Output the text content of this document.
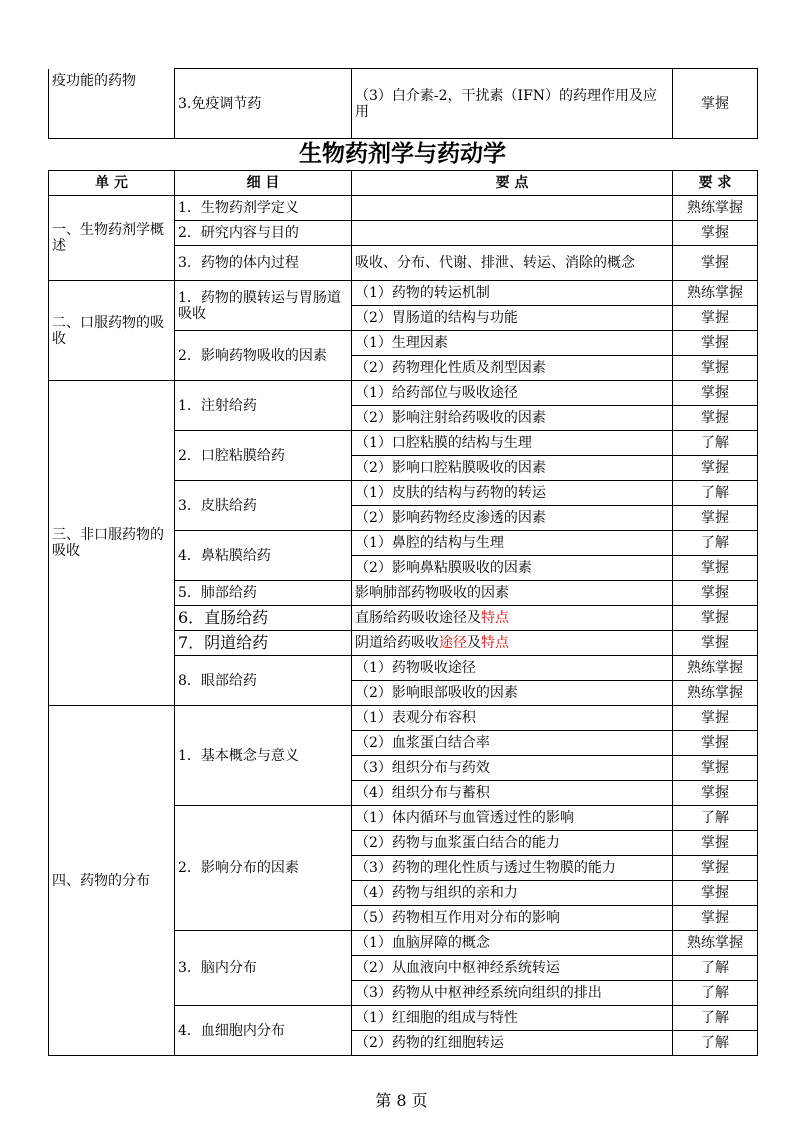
疫功能的药物	3.免疫调节药	（3）白介素-2，干扰素（IFN）的药理作用及应用	掌握
生物药剂学与药动学
单 元	细 目	要 点	要 求
一、生物药剂学概述	1．生物药剂学定义		熟练掌握
	2．研究内容与目的		掌握
	3．药物的体内过程	吸收、分布、代谢、排泄、转运、消除的概念	掌握
二、口服药物的吸收	1．药物的膜转运与胃肠道吸收	（1）药物的转运机制	熟练掌握
		（2）胃肠道的结构与功能	掌握
	2．影响药物吸收的因素	（1）生理因素	掌握
		（2）药物理化性质及剂型因素	掌握
三、非口服药物的吸收	1．注射给药	（1）给药部位与吸收途径	掌握
		（2）影响注射给药吸收的因素	掌握
	2．口腔粘膜给药	（1）口腔粘膜的结构与生理	了解
		（2）影响口腔粘膜吸收的因素	掌握
	3．皮肤给药	（1）皮肤的结构与药物的转运	了解
		（2）影响药物经皮渗透的因素	掌握
	4．鼻粘膜给药	（1）鼻腔的结构与生理	了解
		（2）影响鼻粘膜吸收的因素	掌握
	5．肺部给药	影响肺部药物吸收的因素	掌握
	6．直肠给药	直肠给药吸收途径及特点	掌握
	7．阴道给药	阴道给药吸收途径及特点	掌握
	8．眼部给药	（1）药物吸收途径	熟练掌握
		（2）影响眼部吸收的因素	熟练掌握
四、药物的分布	1．基本概念与意义	（1）表观分布容积	掌握
		（2）血浆蛋白结合率	掌握
		（3）组织分布与药效	掌握
		（4）组织分布与蓄积	掌握
	2．影响分布的因素	（1）体内循环与血管透过性的影响	了解
		（2）药物与血浆蛋白结合的能力	掌握
		（3）药物的理化性质与透过生物膜的能力	掌握
		（4）药物与组织的亲和力	掌握
		（5）药物相互作用对分布的影响	掌握
	3．脑内分布	（1）血脑屏障的概念	熟练掌握
		（2）从血液向中枢神经系统转运	了解
		（3）药物从中枢神经系统向组织的排出	了解
	4．血细胞内分布	（1）红细胞的组成与特性	了解
		（2）药物的红细胞转运	了解
第 8 页
